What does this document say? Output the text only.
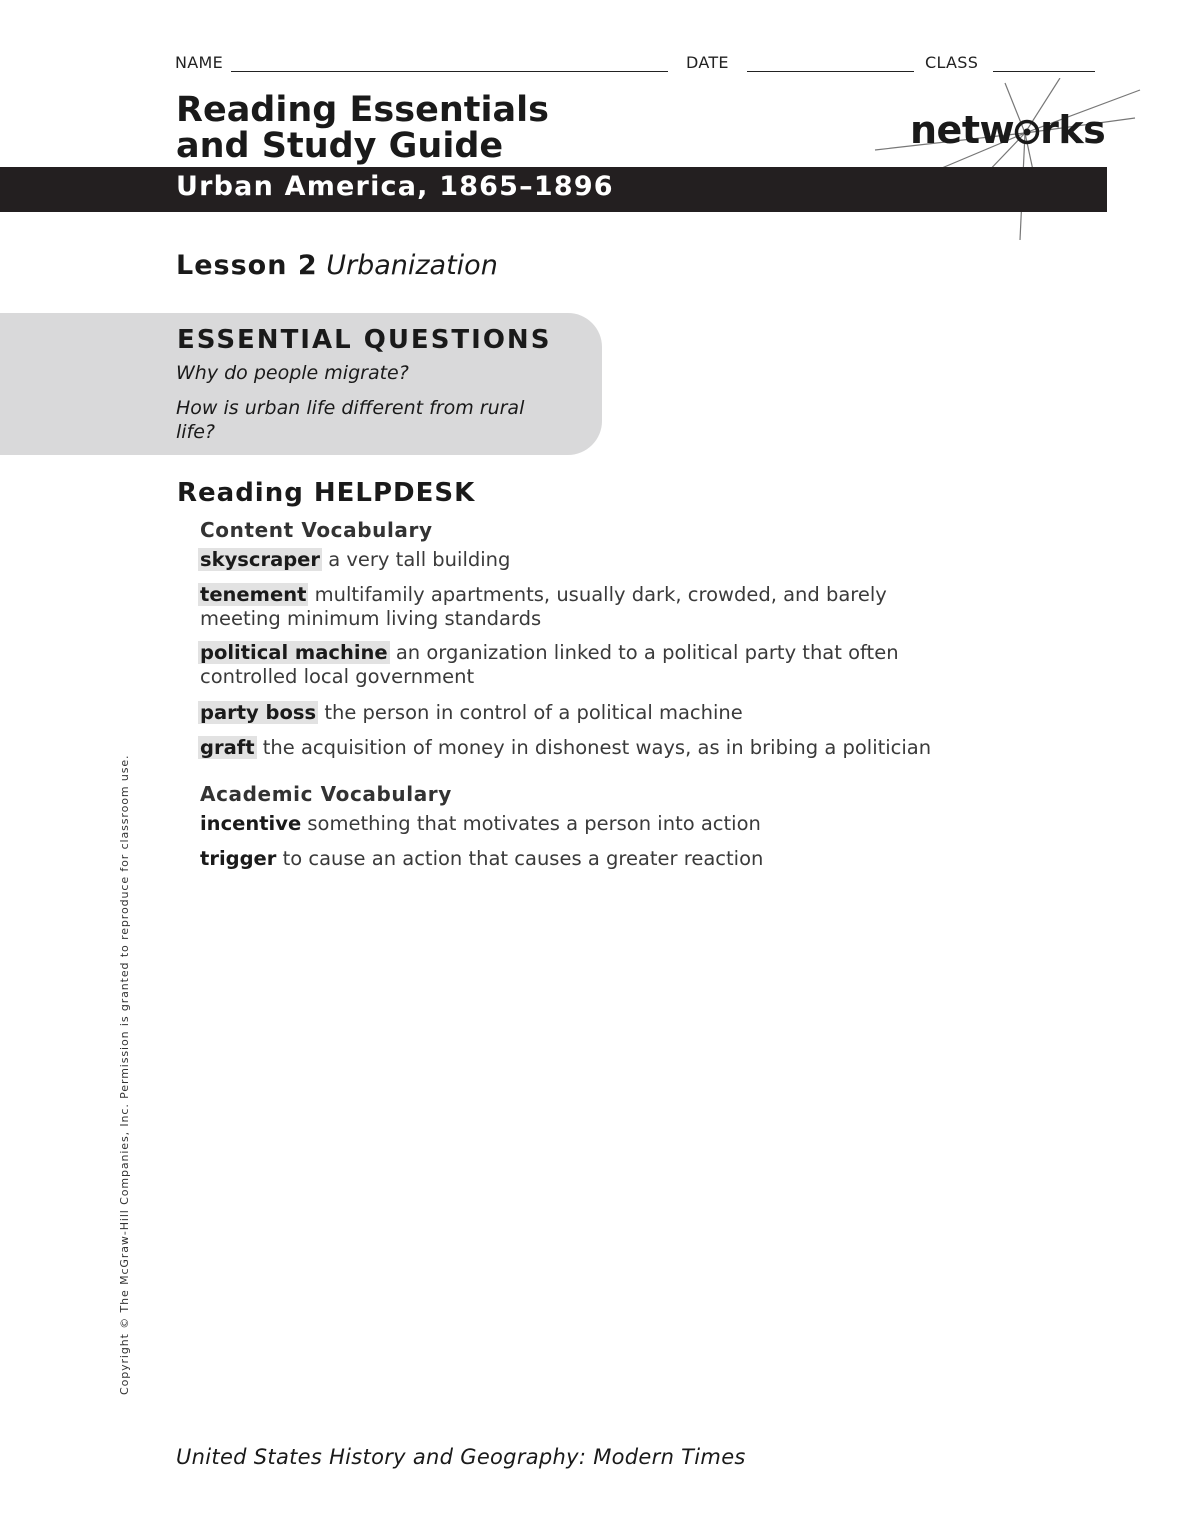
NAME	DATE	CLASS
Reading Essentials
and Study Guide	netw rks
Urban America, 1865–1896
Lesson 2 Urbanization
ESSENTIAL QUESTIONS
Why do people migrate?
How is urban life different from rural life?
Reading HELPDESK
Content Vocabulary
skyscraper a very tall building
tenement multifamily apartments, usually dark, crowded, and barely meeting minimum living standards
political machine an organization linked to a political party that often controlled local government
party boss the person in control of a political machine
graft the acquisition of money in dishonest ways, as in bribing a politician
Academic Vocabulary
incentive something that motivates a person into action
trigger to cause an action that causes a greater reaction
Copyright © The McGraw-Hill Companies, Inc. Permission is granted to reproduce for classroom use.
United States History and Geography: Modern Times
